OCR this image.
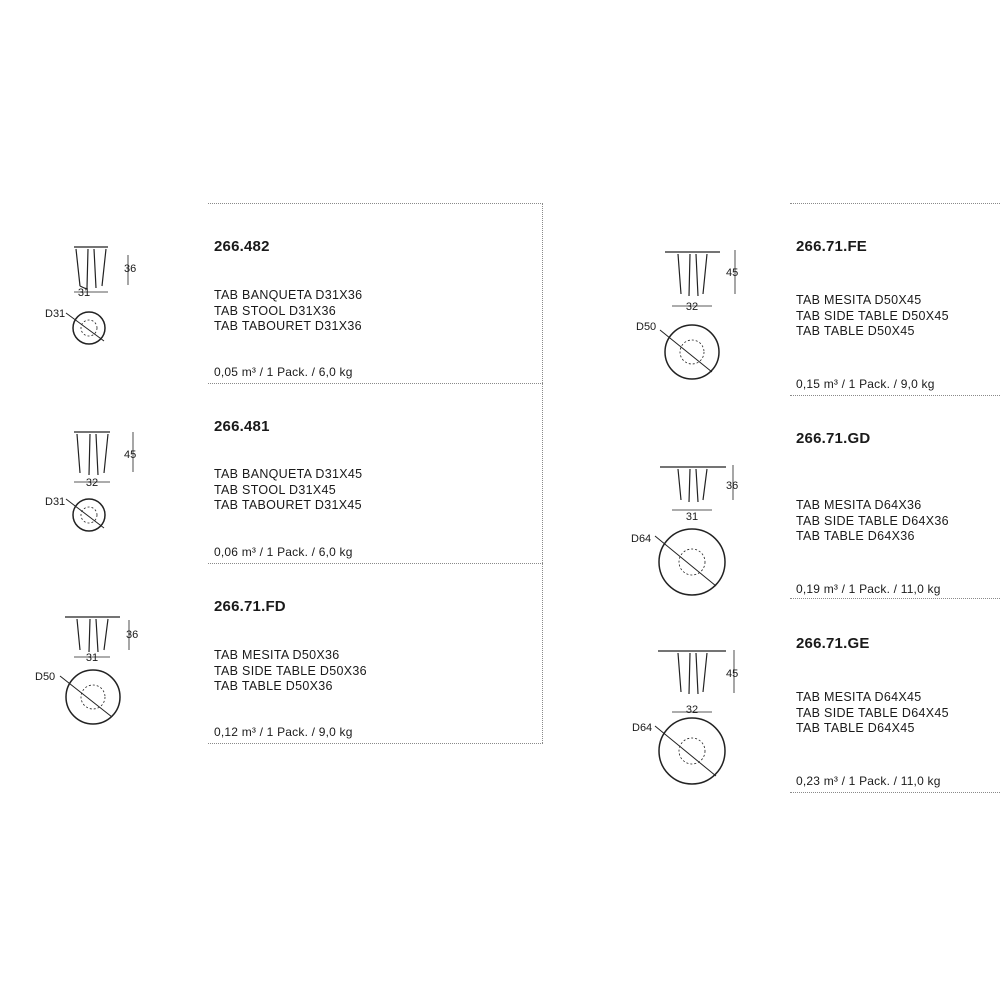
31
36
D31
266.482
TAB BANQUETA D31X36
TAB STOOL D31X36
TAB TABOURET D31X36
0,05 m³ / 1 Pack. / 6,0 kg
32
45
D31
266.481
TAB BANQUETA D31X45
TAB STOOL D31X45
TAB TABOURET D31X45
0,06 m³ / 1 Pack. / 6,0 kg
31
36
D50
266.71.FD
TAB MESITA D50X36
TAB SIDE TABLE D50X36
TAB TABLE D50X36
0,12 m³ / 1 Pack. / 9,0 kg
32
45
D50
266.71.FE
TAB MESITA D50X45
TAB SIDE TABLE D50X45
TAB TABLE D50X45
0,15 m³ / 1 Pack. / 9,0 kg
31
36
D64
266.71.GD
TAB MESITA D64X36
TAB SIDE TABLE D64X36
TAB TABLE D64X36
0,19 m³ / 1 Pack. / 11,0 kg
32
45
D64
266.71.GE
TAB MESITA D64X45
TAB SIDE TABLE D64X45
TAB TABLE D64X45
0,23 m³ / 1 Pack. / 11,0 kg
